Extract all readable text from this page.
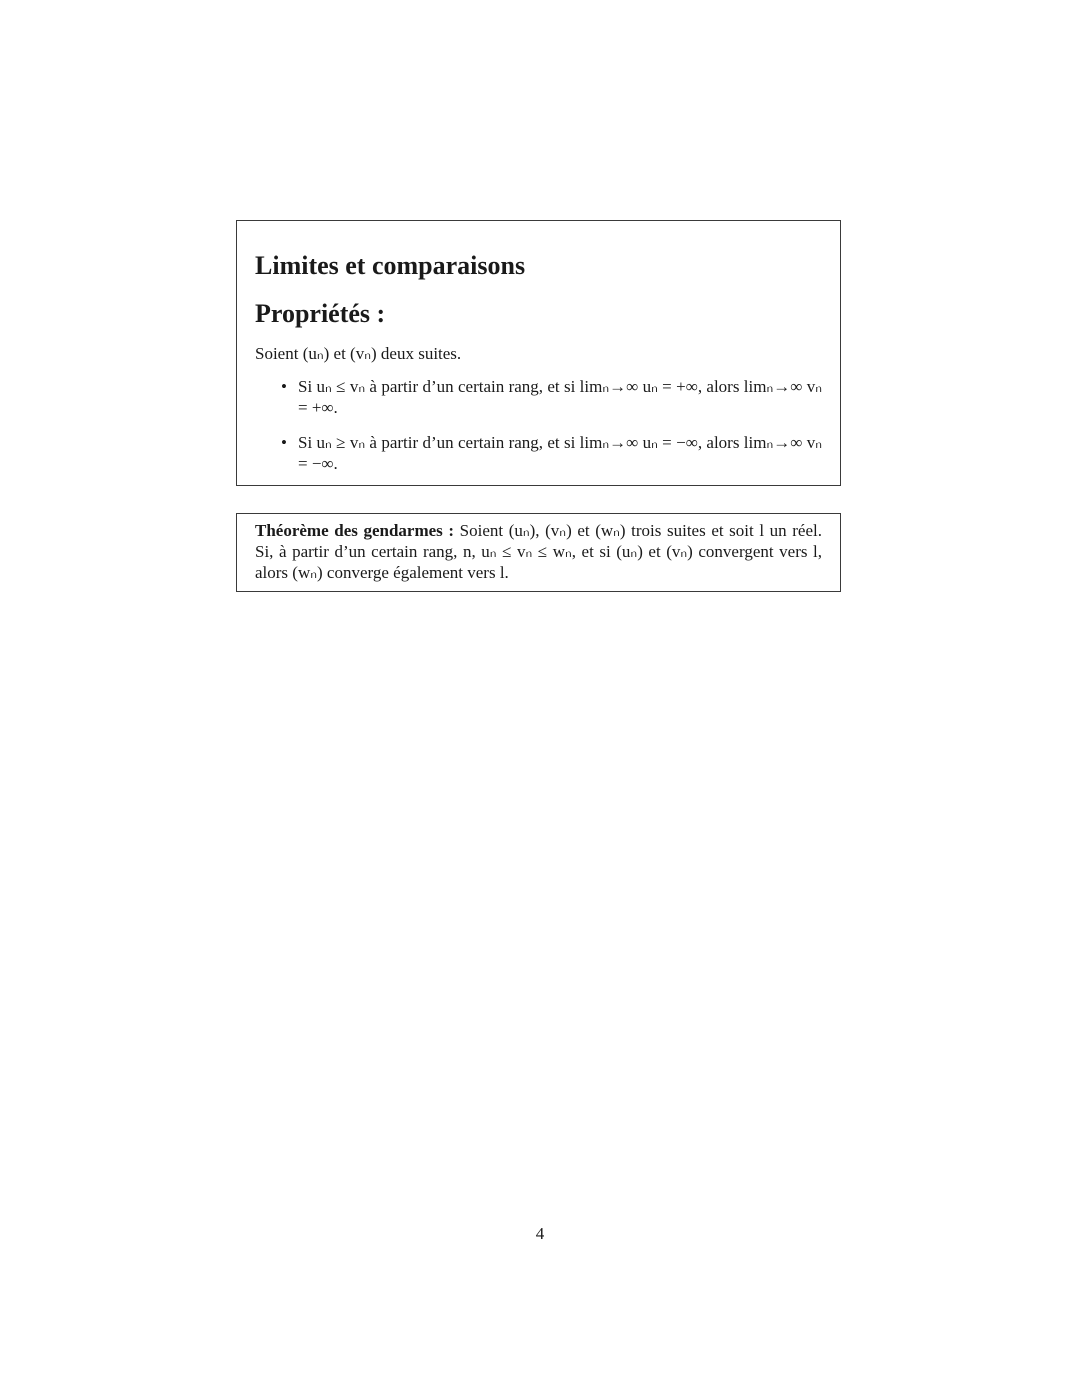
Limites et comparaisons
Propriétés :

Soient (uₙ) et (vₙ) deux suites.

• Si uₙ ≤ vₙ à partir d’un certain rang, et si limₙ→∞ uₙ = +∞, alors limₙ→∞ vₙ = +∞.
• Si uₙ ≥ vₙ à partir d’un certain rang, et si limₙ→∞ uₙ = −∞, alors limₙ→∞ vₙ = −∞.

Théorème des gendarmes : Soient (uₙ), (vₙ) et (wₙ) trois suites et soit l un réel. Si, à partir d’un certain rang, n, uₙ ≤ vₙ ≤ wₙ, et si (uₙ) et (vₙ) convergent vers l, alors (wₙ) converge également vers l.

4
